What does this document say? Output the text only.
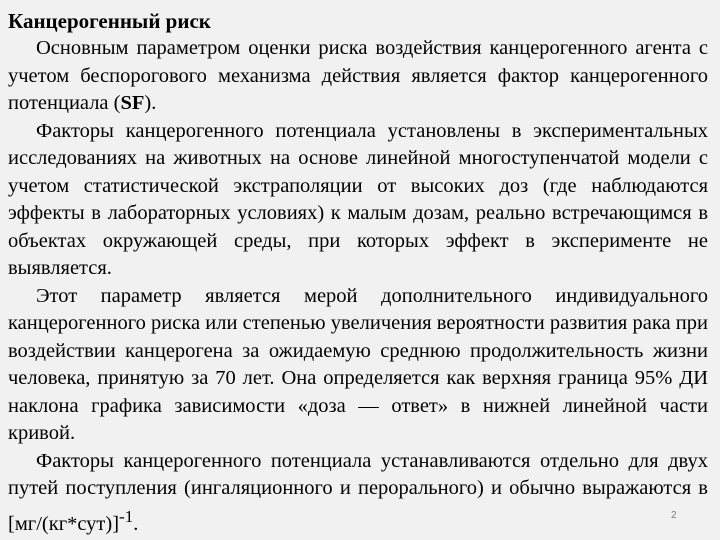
Канцерогенный риск

Основным параметром оценки риска воздействия канцерогенного агента с учетом беспорогового механизма действия является фактор канцерогенного потенциала (SF).

Факторы канцерогенного потенциала установлены в экспериментальных исследованиях на животных на основе линейной многоступенчатой модели с учетом статистической экстраполяции от высоких доз (где наблюдаются эффекты в лабораторных условиях) к малым дозам, реально встречающимся в объектах окружающей среды, при которых эффект в эксперименте не выявляется.

Этот параметр является мерой дополнительного индивидуального канцерогенного риска или степенью увеличения вероятности развития рака при воздействии канцерогена за ожидаемую среднюю продолжительность жизни человека, принятую за 70 лет. Она определяется как верхняя граница 95% ДИ наклона графика зависимости «доза — ответ» в нижней линейной части кривой.

Факторы канцерогенного потенциала устанавливаются отдельно для двух путей поступления (ингаляционного и перорального) и обычно выражаются в $[мг/(кг*сут)]^{-1}$.	2
